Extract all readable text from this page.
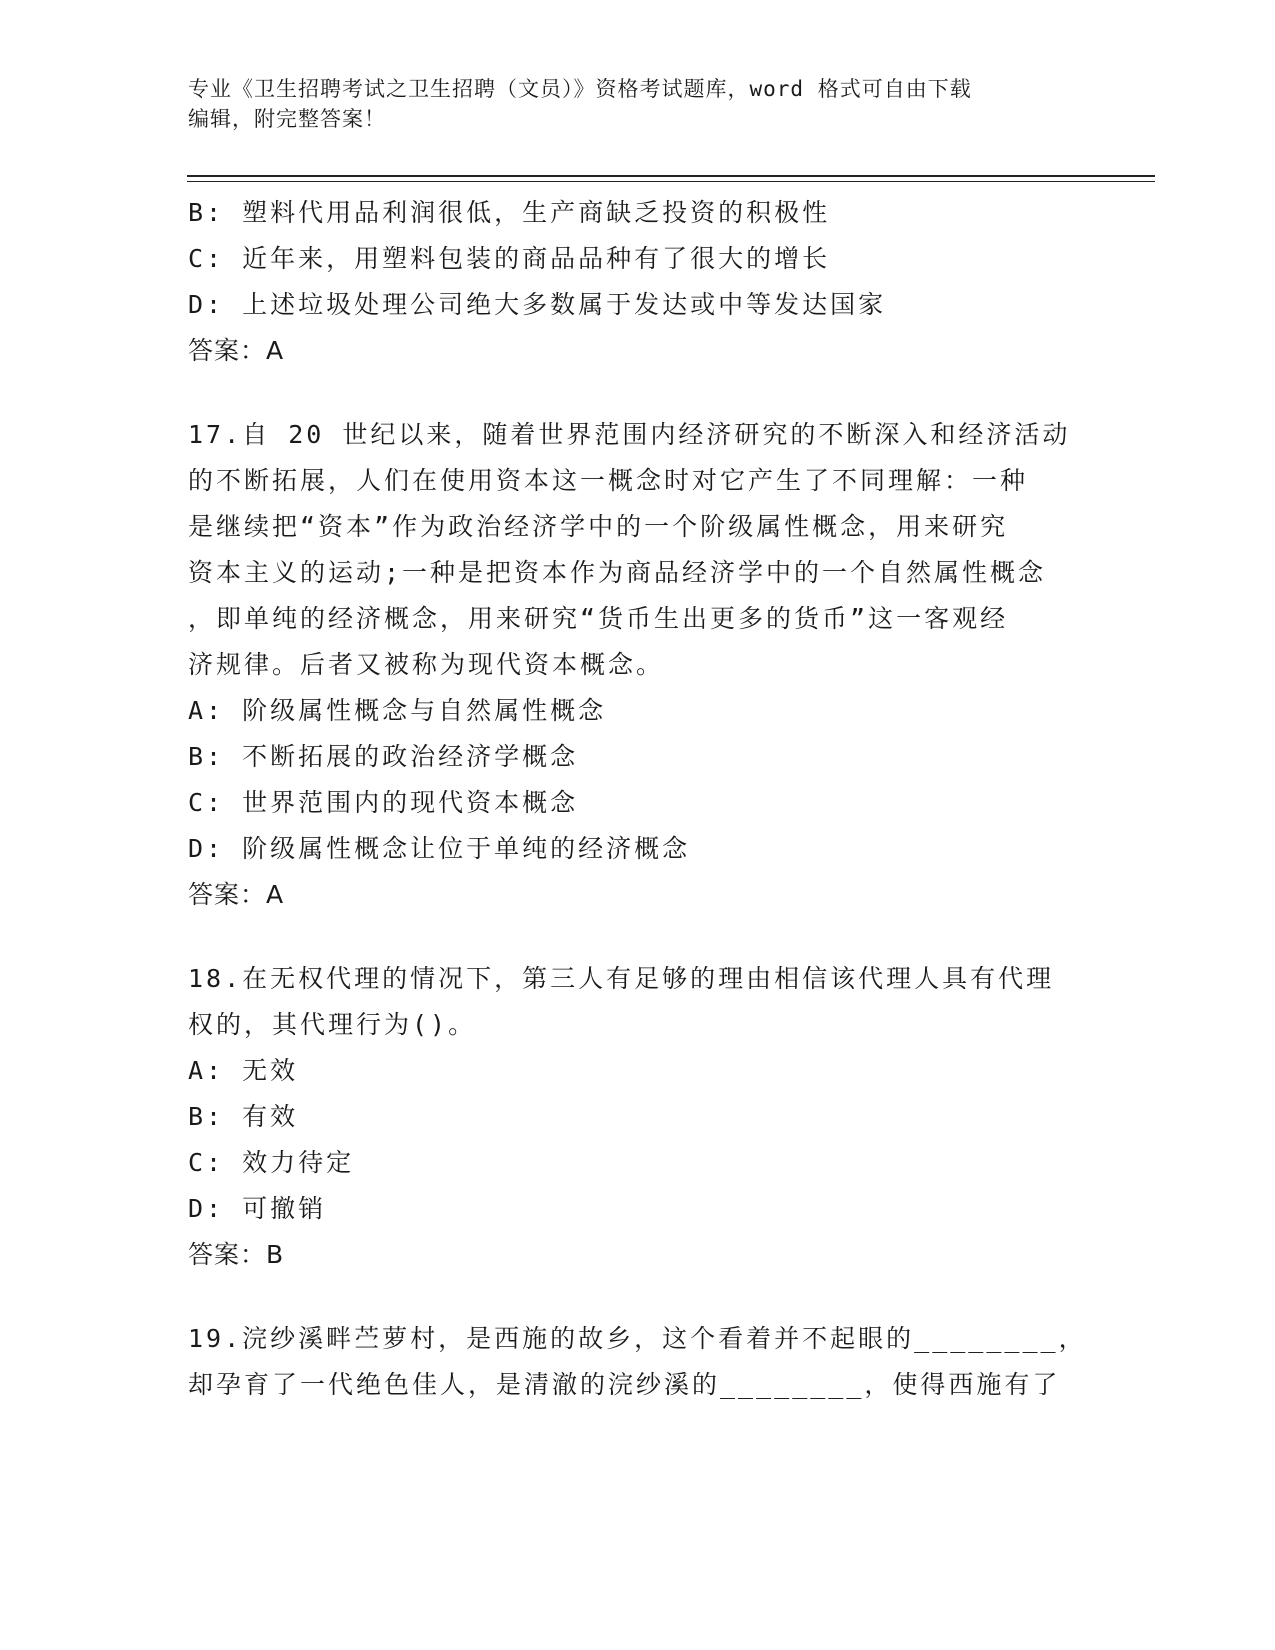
专业《卫生招聘考试之卫生招聘（文员）》资格考试题库，word 格式可自由下载
编辑，附完整答案！
B: 塑料代用品利润很低，生产商缺乏投资的积极性
C: 近年来，用塑料包装的商品品种有了很大的增长
D: 上述垃圾处理公司绝大多数属于发达或中等发达国家
答案：A
17.自 20 世纪以来，随着世界范围内经济研究的不断深入和经济活动
的不断拓展，人们在使用资本这一概念时对它产生了不同理解：一种
是继续把“资本”作为政治经济学中的一个阶级属性概念，用来研究
资本主义的运动;一种是把资本作为商品经济学中的一个自然属性概念
，即单纯的经济概念，用来研究“货币生出更多的货币”这一客观经
济规律。后者又被称为现代资本概念。
A: 阶级属性概念与自然属性概念
B: 不断拓展的政治经济学概念
C: 世界范围内的现代资本概念
D: 阶级属性概念让位于单纯的经济概念
答案：A
18.在无权代理的情况下，第三人有足够的理由相信该代理人具有代理
权的，其代理行为()。
A: 无效
B: 有效
C: 效力待定
D: 可撤销
答案：B
19.浣纱溪畔苎萝村，是西施的故乡，这个看着并不起眼的________，
却孕育了一代绝色佳人，是清澈的浣纱溪的________，使得西施有了
